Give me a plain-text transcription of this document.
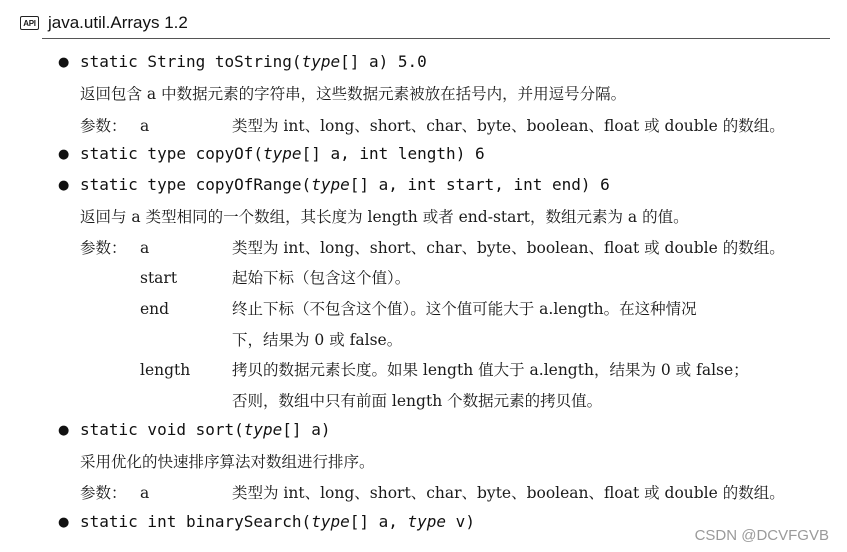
API java.util.Arrays 1.2
● static String toString(type[] a) 5.0
返回包含 a 中数据元素的字符串，这些数据元素被放在括号内，并用逗号分隔。
参数： a	类型为 int、long、short、char、byte、boolean、float 或 double 的数组。
● static type copyOf(type[] a, int length) 6
● static type copyOfRange(type[] a, int start, int end) 6
返回与 a 类型相同的一个数组，其长度为 length 或者 end-start，数组元素为 a 的值。
参数： a	类型为 int、long、short、char、byte、boolean、float 或 double 的数组。
start	起始下标（包含这个值）。
end	终止下标（不包含这个值）。这个值可能大于 a.length。在这种情况
下，结果为 0 或 false。
length	拷贝的数据元素长度。如果 length 值大于 a.length，结果为 0 或 false；
否则，数组中只有前面 length 个数据元素的拷贝值。
● static void sort(type[] a)
采用优化的快速排序算法对数组进行排序。
参数： a	类型为 int、long、short、char、byte、boolean、float 或 double 的数组。
● static int binarySearch(type[] a, type v)
CSDN @DCVFGVB
